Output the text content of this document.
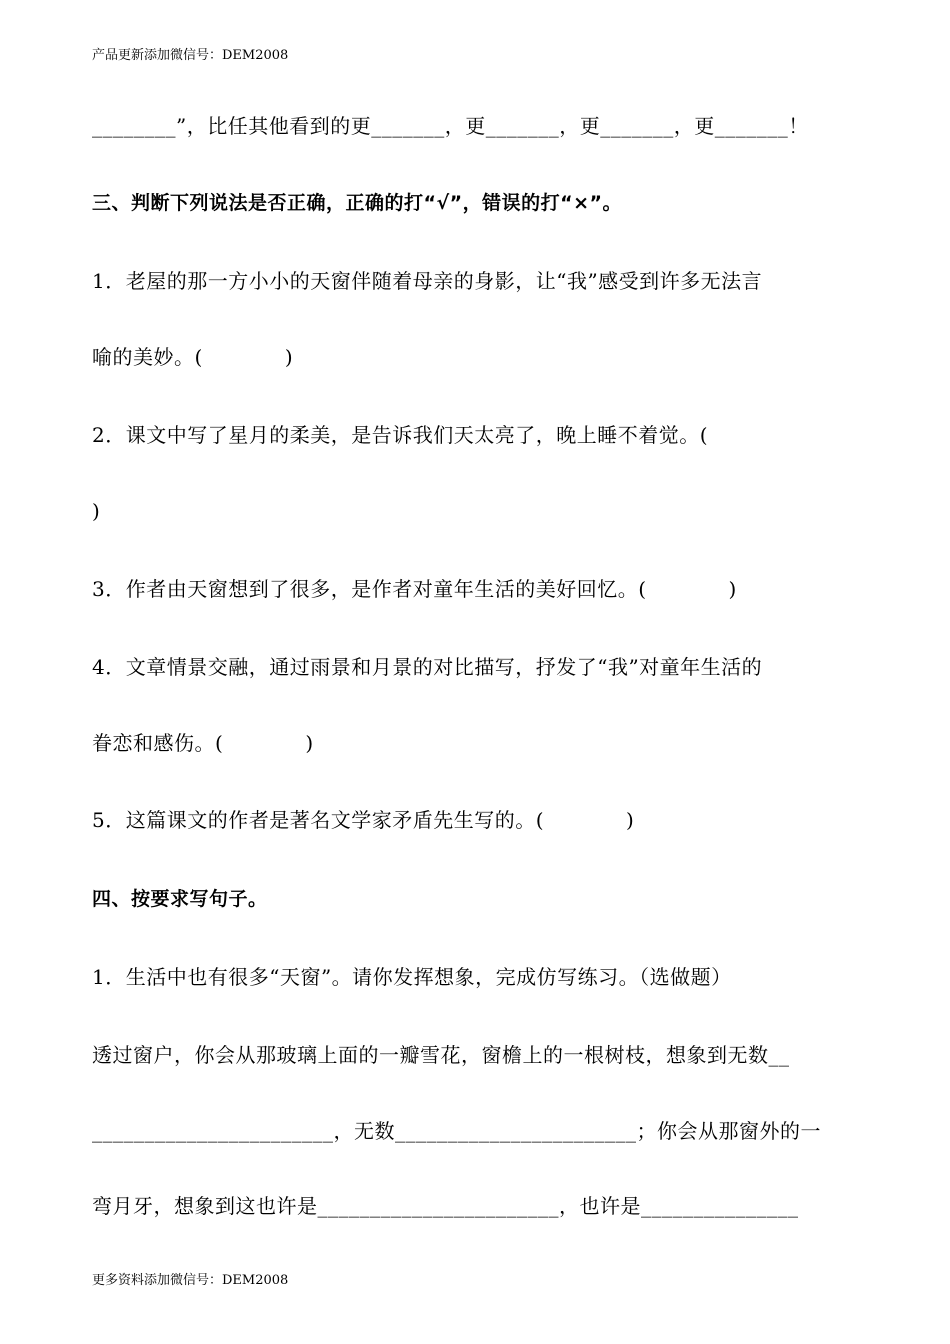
产品更新添加微信号：DEM2008
________”，比任其他看到的更_______，更_______，更_______，更_______！
三、判断下列说法是否正确，正确的打“√”，错误的打“×”。
1．老屋的那一方小小的天窗伴随着母亲的身影，让“我”感受到许多无法言
喻的美妙。(	)
2．课文中写了星月的柔美，是告诉我们天太亮了，晚上睡不着觉。(
)
3．作者由天窗想到了很多，是作者对童年生活的美好回忆。(	)
4．文章情景交融，通过雨景和月景的对比描写，抒发了“我”对童年生活的
眷恋和感伤。(	)
5．这篇课文的作者是著名文学家矛盾先生写的。(	)
四、按要求写句子。
1．生活中也有很多“天窗”。请你发挥想象，完成仿写练习。（选做题）
透过窗户，你会从那玻璃上面的一瓣雪花，窗檐上的一根树枝，想象到无数__
_______________________，无数_______________________；你会从那窗外的一
弯月牙，想象到这也许是_______________________，也许是_______________
更多资料添加微信号：DEM2008
